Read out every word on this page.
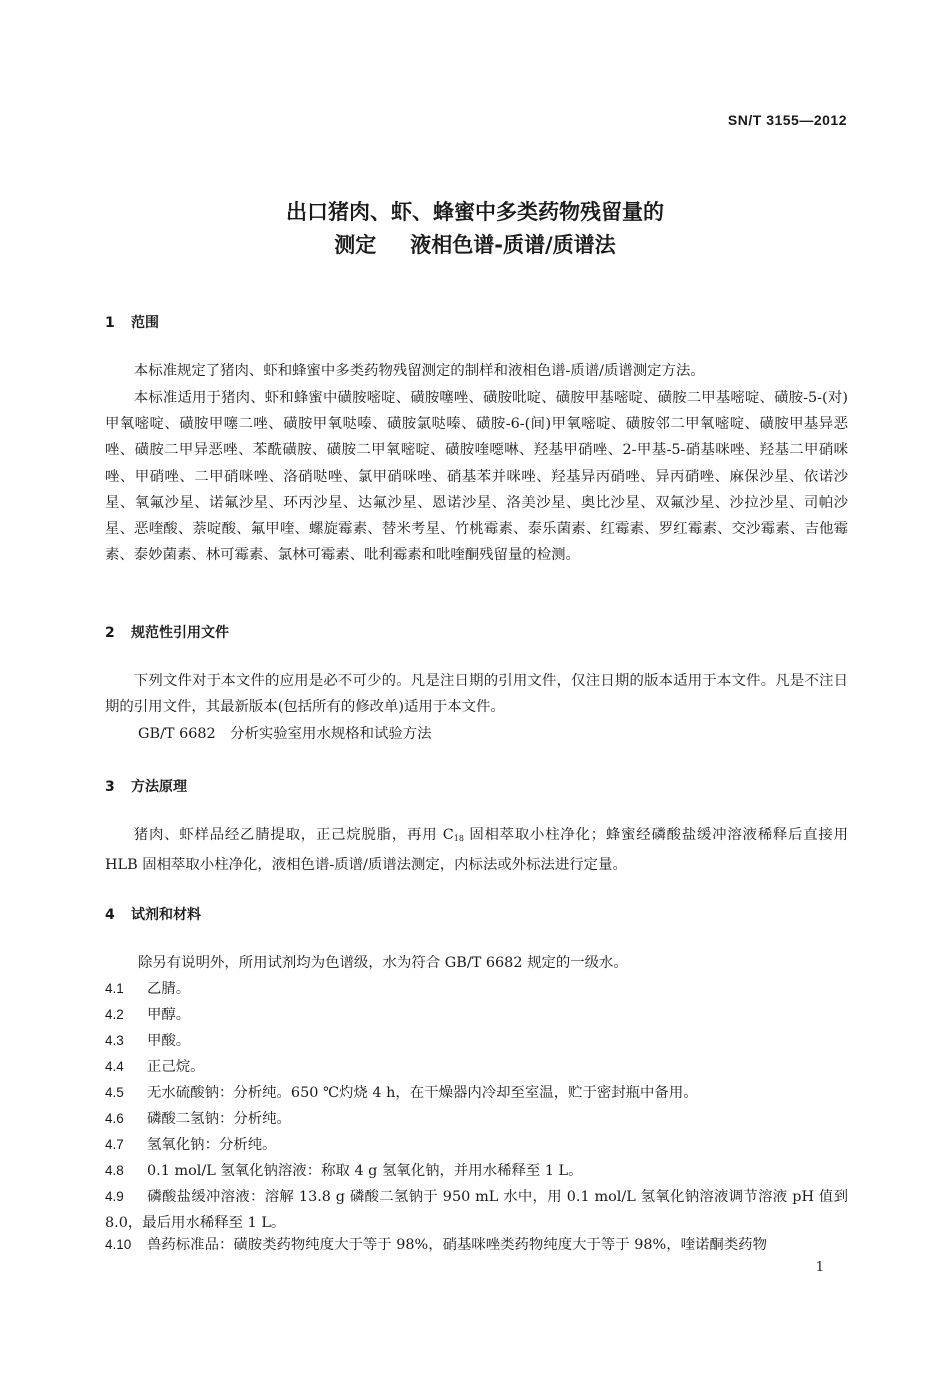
SN/T 3155—2012
出口猪肉、虾、蜂蜜中多类药物残留量的
测定 液相色谱-质谱/质谱法
1 范围
本标准规定了猪肉、虾和蜂蜜中多类药物残留测定的制样和液相色谱-质谱/质谱测定方法。
本标准适用于猪肉、虾和蜂蜜中磺胺嘧啶、磺胺噻唑、磺胺吡啶、磺胺甲基嘧啶、磺胺二甲基嘧啶、磺胺-5-(对)甲氧嘧啶、磺胺甲噻二唑、磺胺甲氧哒嗪、磺胺氯哒嗪、磺胺-6-(间)甲氧嘧啶、磺胺邻二甲氧嘧啶、磺胺甲基异恶唑、磺胺二甲异恶唑、苯酰磺胺、磺胺二甲氧嘧啶、磺胺喹噁啉、羟基甲硝唑、2-甲基-5-硝基咪唑、羟基二甲硝咪唑、甲硝唑、二甲硝咪唑、洛硝哒唑、氯甲硝咪唑、硝基苯并咪唑、羟基异丙硝唑、异丙硝唑、麻保沙星、依诺沙星、氧氟沙星、诺氟沙星、环丙沙星、达氟沙星、恩诺沙星、洛美沙星、奥比沙星、双氟沙星、沙拉沙星、司帕沙星、恶喹酸、萘啶酸、氟甲喹、螺旋霉素、替米考星、竹桃霉素、泰乐菌素、红霉素、罗红霉素、交沙霉素、吉他霉素、泰妙菌素、林可霉素、氯林可霉素、吡利霉素和吡喹酮残留量的检测。
2 规范性引用文件
下列文件对于本文件的应用是必不可少的。凡是注日期的引用文件，仅注日期的版本适用于本文件。凡是不注日期的引用文件，其最新版本(包括所有的修改单)适用于本文件。
GB/T 6682　分析实验室用水规格和试验方法
3 方法原理
猪肉、虾样品经乙腈提取，正己烷脱脂，再用 $C_{18}$ 固相萃取小柱净化；蜂蜜经磷酸盐缓冲溶液稀释后直接用 HLB 固相萃取小柱净化，液相色谱-质谱/质谱法测定，内标法或外标法进行定量。
4 试剂和材料
除另有说明外，所用试剂均为色谱级，水为符合 GB/T 6682 规定的一级水。
4.1 乙腈。
4.2 甲醇。
4.3 甲酸。
4.4 正己烷。
4.5 无水硫酸钠：分析纯。650 ℃灼烧 4 h，在干燥器内冷却至室温，贮于密封瓶中备用。
4.6 磷酸二氢钠：分析纯。
4.7 氢氧化钠：分析纯。
4.8 0.1 mol/L 氢氧化钠溶液：称取 4 g 氢氧化钠，并用水稀释至 1 L。
4.9 磷酸盐缓冲溶液：溶解 13.8 g 磷酸二氢钠于 950 mL 水中，用 0.1 mol/L 氢氧化钠溶液调节溶液 pH 值到 8.0，最后用水稀释至 1 L。
4.10 兽药标准品：磺胺类药物纯度大于等于 98%，硝基咪唑类药物纯度大于等于 98%，喹诺酮类药物
1
